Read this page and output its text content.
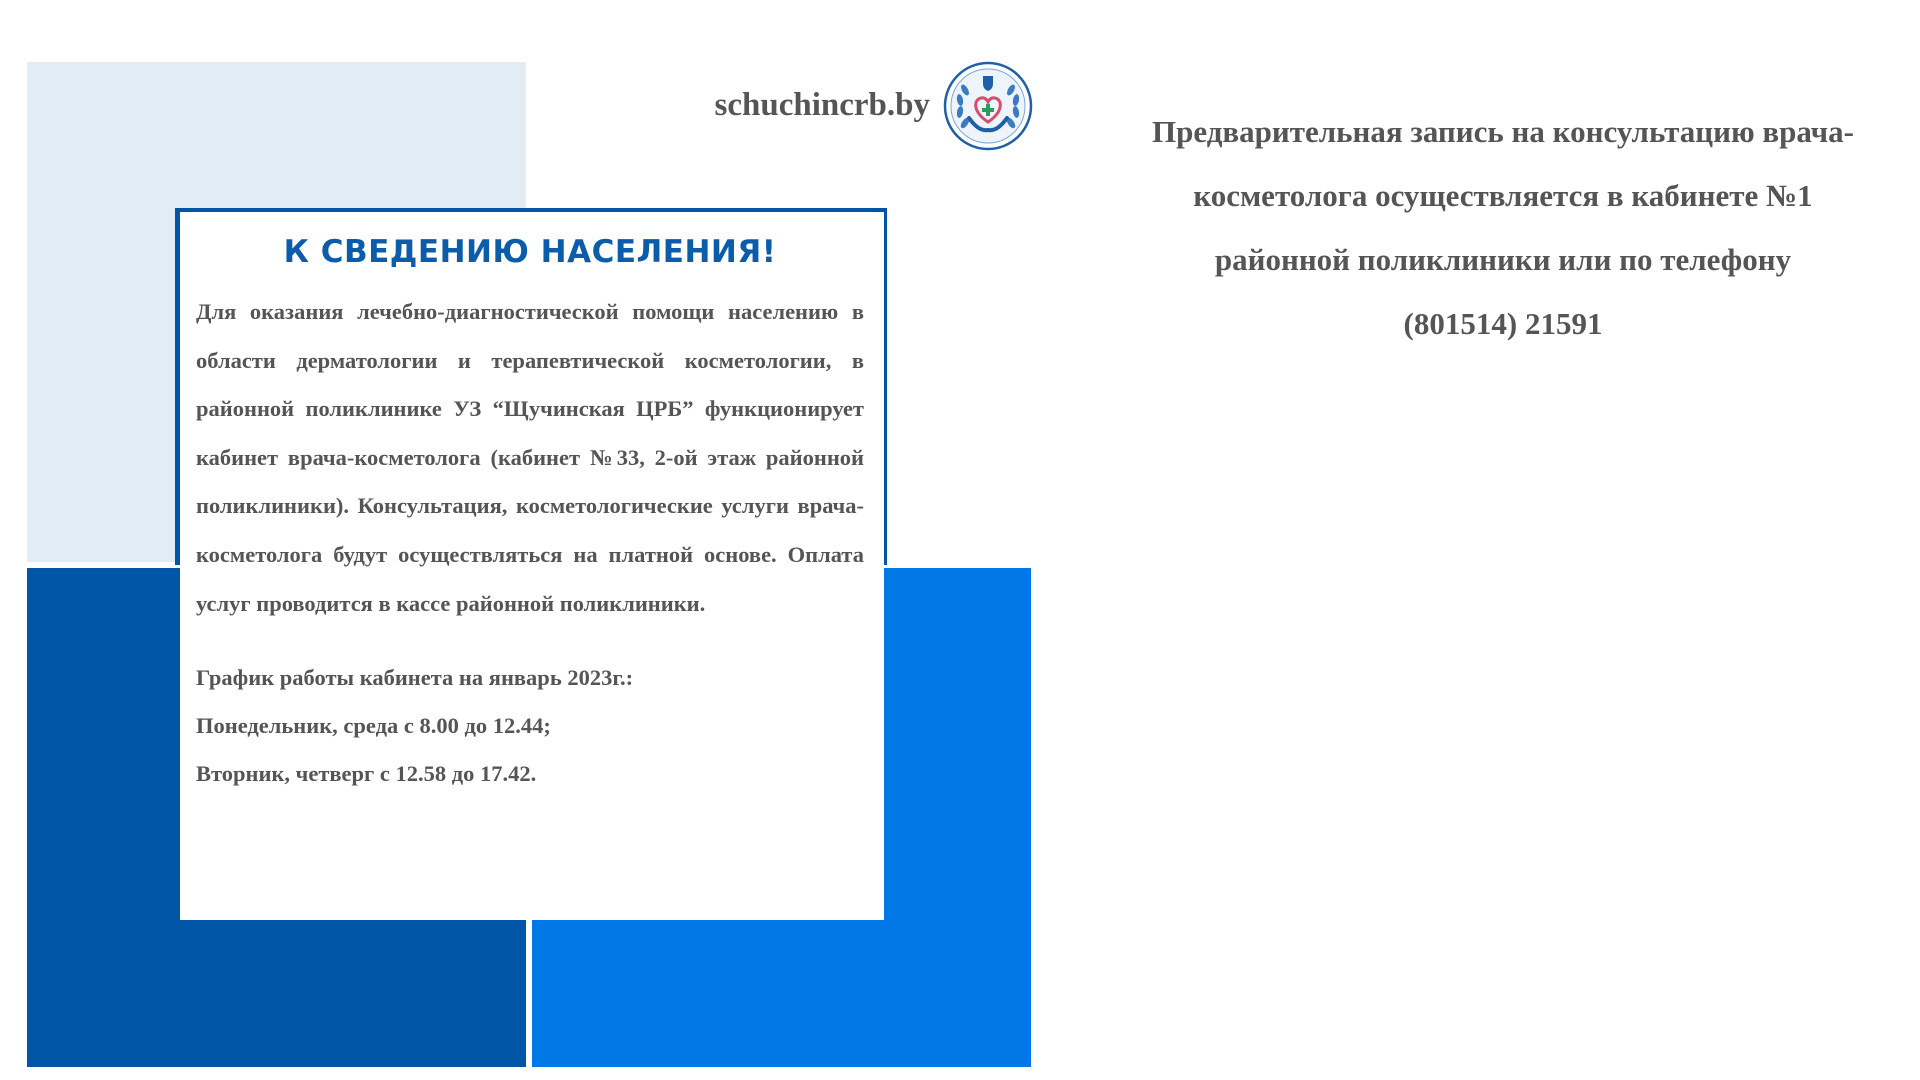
К СВЕДЕНИЮ НАСЕЛЕНИЯ!

Для оказания лечебно-диагностической помощи населению в области дерматологии и терапевтической косметологии, в районной поликлинике УЗ “Щучинская ЦРБ” функционирует кабинет врача-косметолога (кабинет №33, 2-ой этаж районной поликлиники). Консультация, косметологические услуги врача-косметолога будут осуществляться на платной основе. Оплата услуг проводится в кассе районной поликлиники.

График работы кабинета на январь 2023г.:
Понедельник, среда с 8.00 до 12.44;
Вторник, четверг с 12.58 до 17.42.
schuchincrb.by
Предварительная запись на консультацию врача-
косметолога осуществляется в кабинете №1
районной поликлиники или по телефону
(801514) 21591
